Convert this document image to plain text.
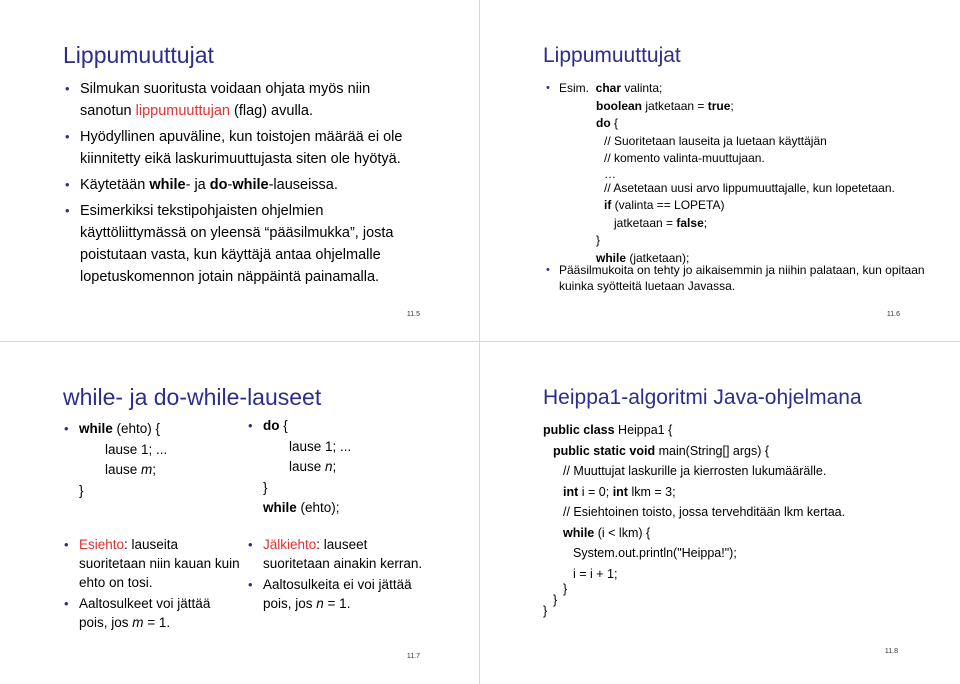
Lippumuuttujat
• Silmukan suoritusta voidaan ohjata myös niin
sanotun lippumuuttujan (flag) avulla.
• Hyödyllinen apuväline, kun toistojen määrää ei ole
kiinnitetty eikä laskurimuuttujasta siten ole hyötyä.
• Käytetään while- ja do-while-lauseissa.
• Esimerkiksi tekstipohjaisten ohjelmien
käyttöliittymässä on yleensä “pääsilmukka”, josta
poistutaan vasta, kun käyttäjä antaa ohjelmalle
lopetuskomennon jotain näppäintä painamalla.
11.5
Lippumuuttujat
• Esim. char valinta;
boolean jatketaan = true;
do {
// Suoritetaan lauseita ja luetaan käyttäjän
// komento valinta-muuttujaan.
…
// Asetetaan uusi arvo lippumuuttajalle, kun lopetetaan.
if (valinta == LOPETA)
jatketaan = false;
}
while (jatketaan);
• Pääsilmukoita on tehty jo aikaisemmin ja niihin palataan, kun opitaan
kuinka syötteitä luetaan Javassa.
11.6
while- ja do-while-lauseet
• while (ehto) {
lause 1; ...
lause m;
}
• Esiehto: lauseita
suoritetaan niin kauan kuin
ehto on tosi.
• Aaltosulkeet voi jättää
pois, jos m = 1.
• do {
lause 1; ...
lause n;
}
while (ehto);
• Jälkiehto: lauseet
suoritetaan ainakin kerran.
• Aaltosulkeita ei voi jättää
pois, jos n = 1.
11.7
Heippa1-algoritmi Java-ohjelmana
public class Heippa1 {
public static void main(String[] args) {
// Muuttujat laskurille ja kierrosten lukumäärälle.
int i = 0; int lkm = 3;
// Esiehtoinen toisto, jossa tervehditään lkm kertaa.
while (i < lkm) {
System.out.println("Heippa!");
i = i + 1;
}
}
}
11.8
